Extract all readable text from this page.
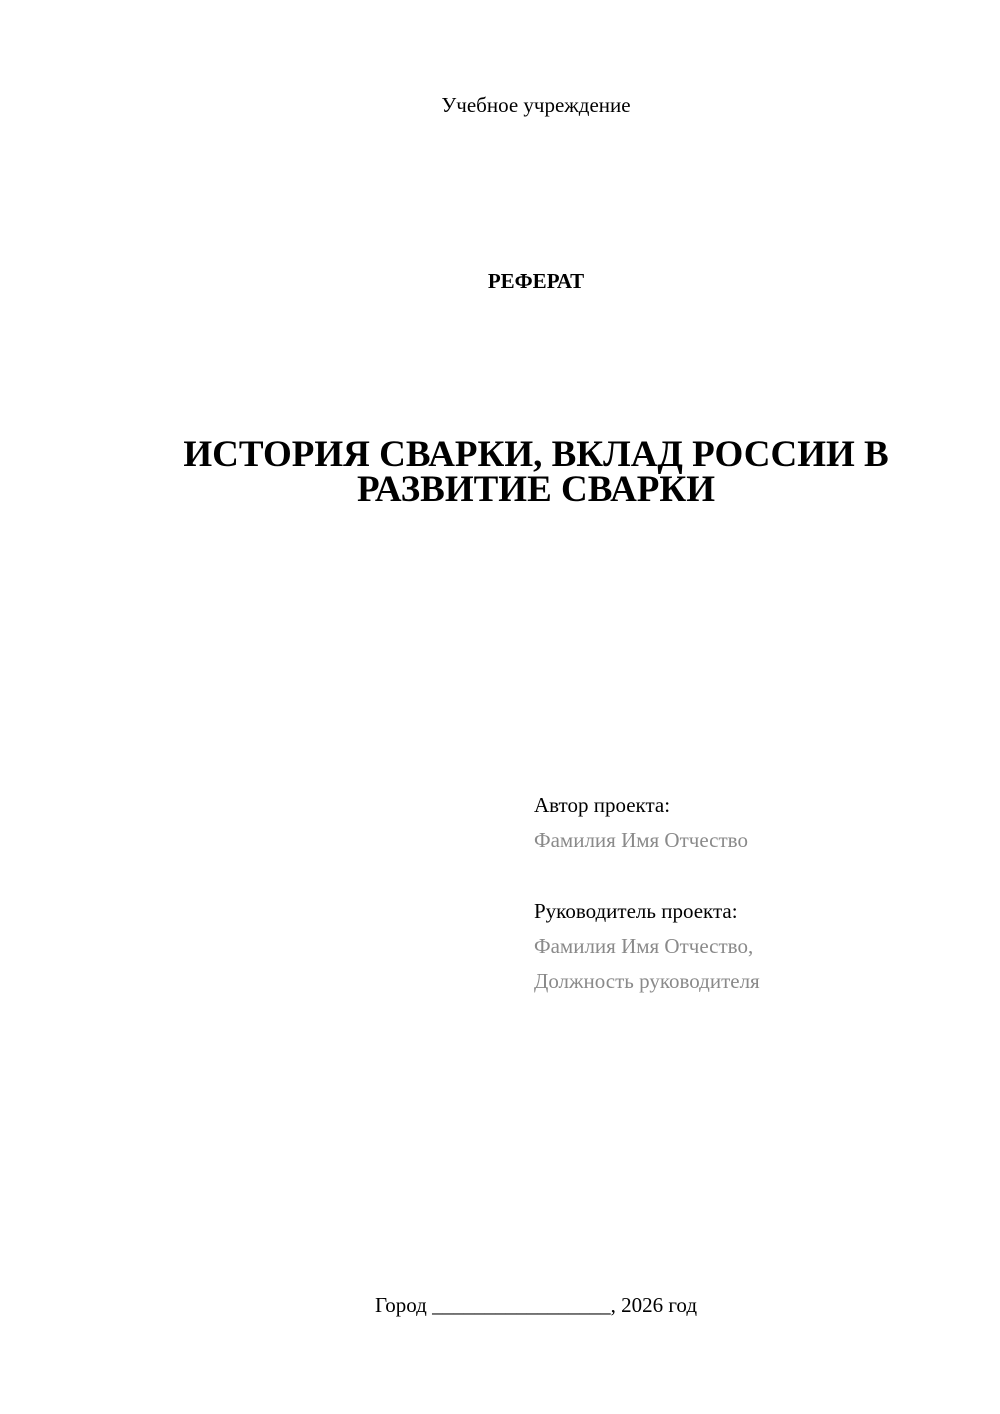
Учебное учреждение
РЕФЕРАТ
ИСТОРИЯ СВАРКИ, ВКЛАД РОССИИ В
РАЗВИТИЕ СВАРКИ
Автор проекта:
Фамилия Имя Отчество
Руководитель проекта:
Фамилия Имя Отчество,
Должность руководителя
Город _________________, 2026 год
